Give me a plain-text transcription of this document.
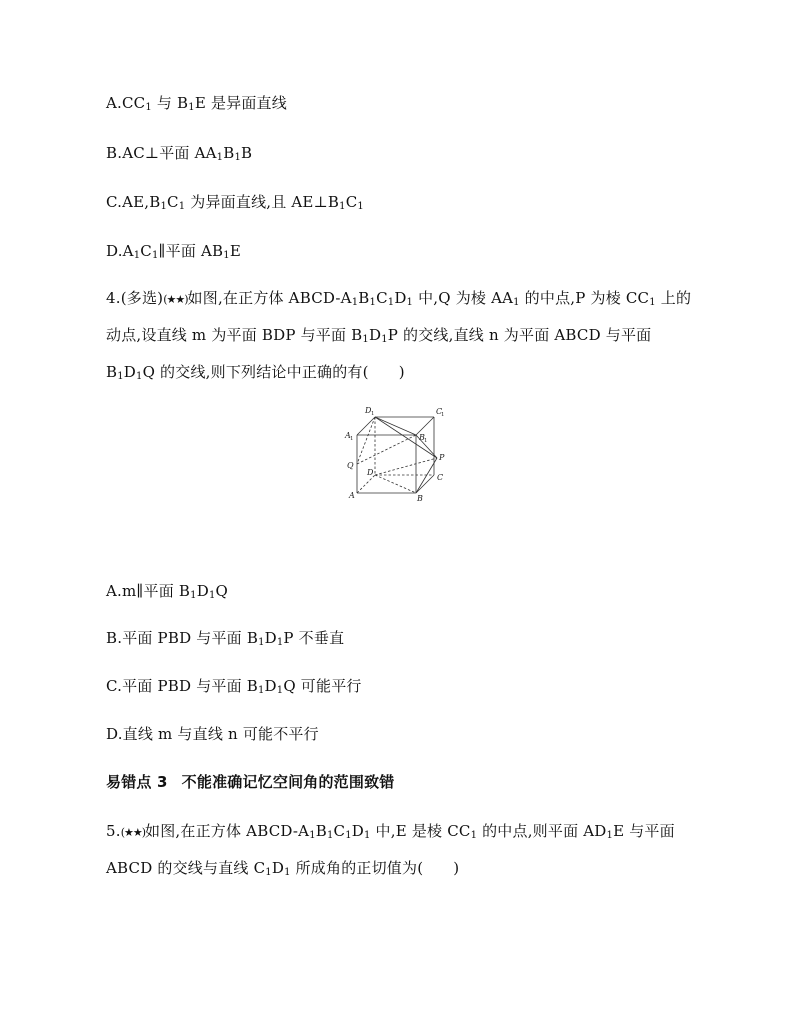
$A.CC_1$ 与 $B_1E$ 是异面直线
B.AC⊥平面 $AA_1B_1B$
$C.AE,B_1C_1$ 为异面直线,且 $AE\perp B_1C_1$
$D.A_1C_1\parallel$平面 $AB_1E$
4.(多选)(★★)如图,在正方体 ABCD-$A_1B_1C_1D_1$ 中,Q 为棱 $AA_1$ 的中点,P 为棱 $CC_1$ 上的
动点,设直线 m 为平面 BDP 与平面 $B_1D_1P$ 的交线,直线 n 为平面 ABCD 与平面
$B_1D_1Q$ 的交线,则下列结论中正确的有( )
D 1	C
1
A 1	B 1
Q
D
P
C
A	B
A.m∥平面 $B_1D_1Q$
B.平面 PBD 与平面 $B_1D_1P$ 不垂直
C.平面 PBD 与平面 $B_1D_1Q$ 可能平行
D.直线 m 与直线 n 可能不平行
易错点 3 不能准确记忆空间角的范围致错
5.(★★)如图,在正方体 ABCD-$A_1B_1C_1D_1$ 中,E 是棱 $CC_1$ 的中点,则平面 $AD_1E$ 与平面
ABCD 的交线与直线 $C_1D_1$ 所成角的正切值为( )
